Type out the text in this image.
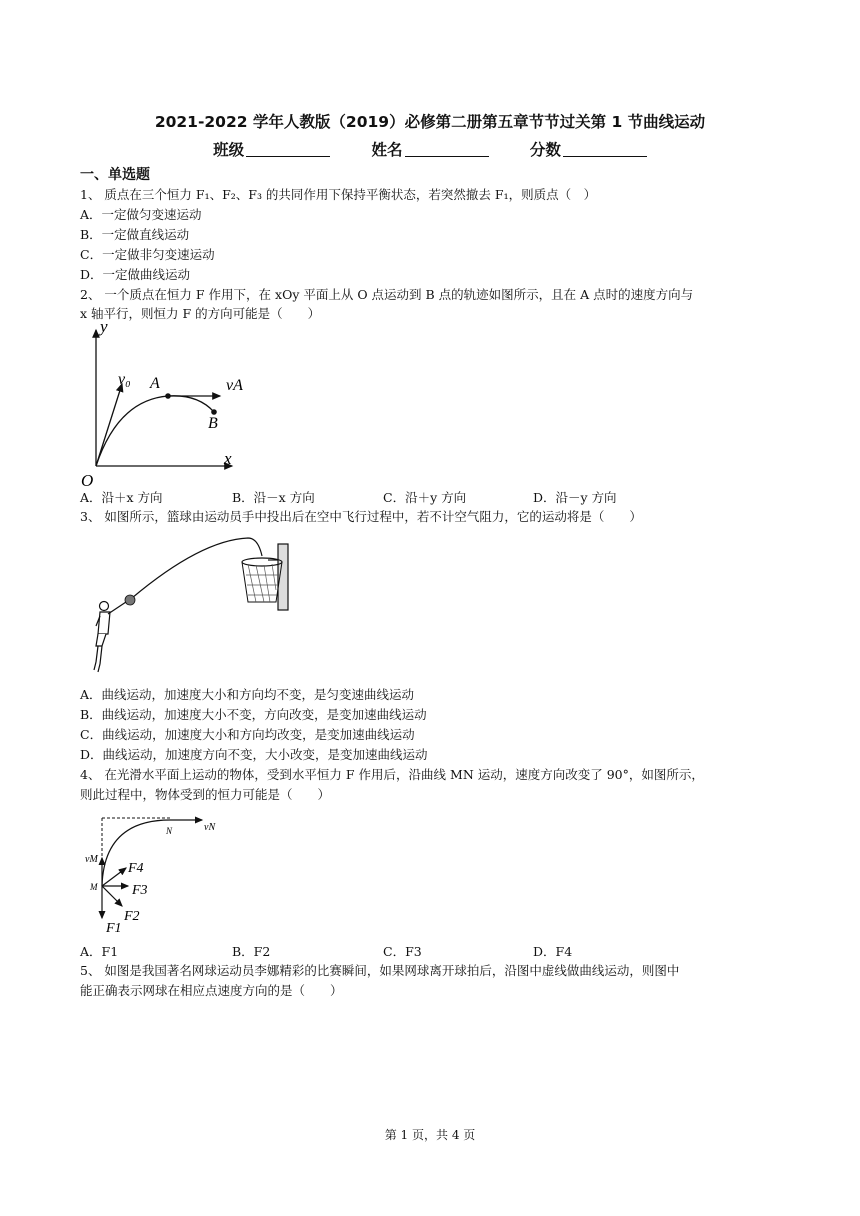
2021-2022 学年人教版（2019）必修第二册第五章节节过关第 1 节曲线运动
班级	姓名	分数
一、单选题
1、 质点在三个恒力 F₁、F₂、F₃ 的共同作用下保持平衡状态，若突然撤去 F₁，则质点（　）
A．一定做匀变速运动
B．一定做直线运动
C．一定做非匀变速运动
D．一定做曲线运动
2、 一个质点在恒力 F 作用下，在 xOy 平面上从 O 点运动到 B 点的轨迹如图所示，且在 A 点时的速度方向与
x 轴平行，则恒力 F 的方向可能是（　　）
y
x
O
v₀ A	vA
B
A．沿＋x 方向	B．沿－x 方向	C．沿＋y 方向	D．沿－y 方向
3、 如图所示，篮球由运动员手中投出后在空中飞行过程中，若不计空气阻力，它的运动将是（　　）
A．曲线运动，加速度大小和方向均不变，是匀变速曲线运动
B．曲线运动，加速度大小不变，方向改变，是变加速曲线运动
C．曲线运动，加速度大小和方向均改变，是变加速曲线运动
D．曲线运动，加速度方向不变，大小改变，是变加速曲线运动
4、 在光滑水平面上运动的物体，受到水平恒力 F 作用后，沿曲线 MN 运动，速度方向改变了 90°，如图所示，
则此过程中，物体受到的恒力可能是（　　）
N	vN
vM
M
F1
F2
F3
F4
A．F1	B．F2	C．F3	D．F4
5、 如图是我国著名网球运动员李娜精彩的比赛瞬间，如果网球离开球拍后，沿图中虚线做曲线运动，则图中
能正确表示网球在相应点速度方向的是（　　）
第 1 页，共 4 页
